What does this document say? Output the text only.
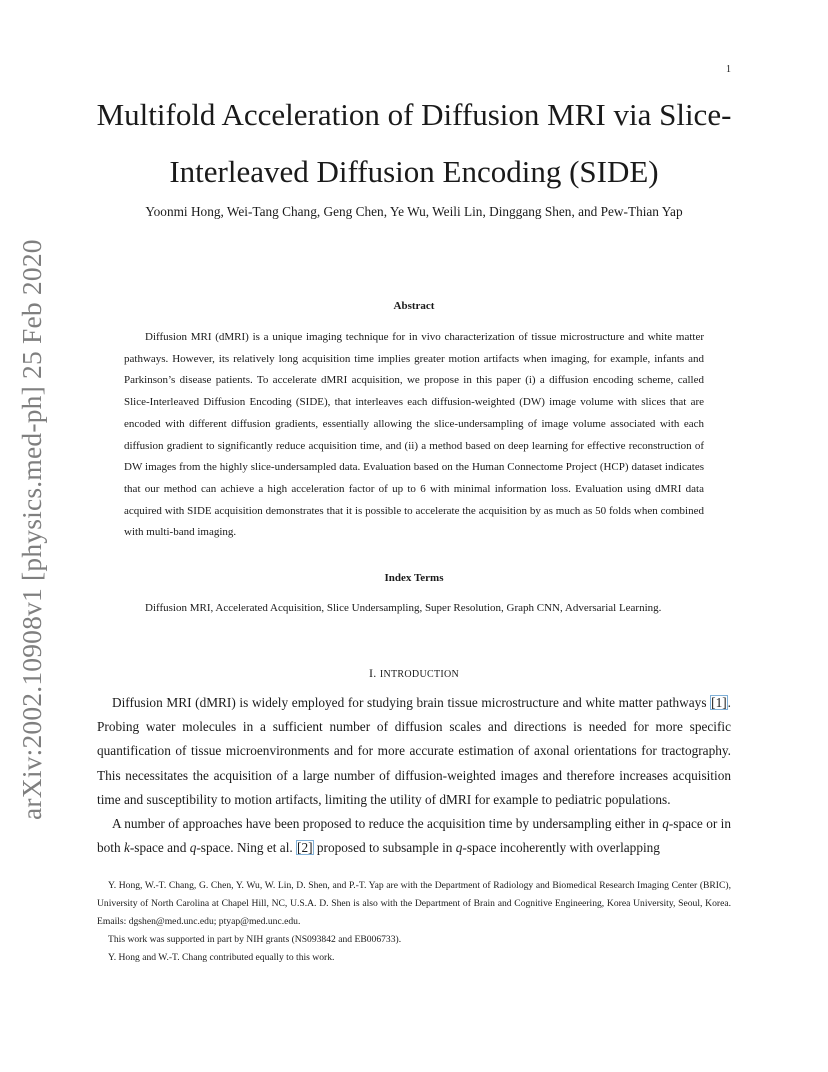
1
arXiv:2002.10908v1 [physics.med-ph] 25 Feb 2020
Multifold Acceleration of Diffusion MRI via Slice-Interleaved Diffusion Encoding (SIDE)
Yoonmi Hong, Wei-Tang Chang, Geng Chen, Ye Wu, Weili Lin, Dinggang Shen, and Pew-Thian Yap
Abstract

Diffusion MRI (dMRI) is a unique imaging technique for in vivo characterization of tissue microstructure and white matter pathways. However, its relatively long acquisition time implies greater motion artifacts when imaging, for example, infants and Parkinson’s disease patients. To accelerate dMRI acquisition, we propose in this paper (i) a diffusion encoding scheme, called Slice-Interleaved Diffusion Encoding (SIDE), that interleaves each diffusion-weighted (DW) image volume with slices that are encoded with different diffusion gradients, essentially allowing the slice-undersampling of image volume associated with each diffusion gradient to significantly reduce acquisition time, and (ii) a method based on deep learning for effective reconstruction of DW images from the highly slice-undersampled data. Evaluation based on the Human Connectome Project (HCP) dataset indicates that our method can achieve a high acceleration factor of up to 6 with minimal information loss. Evaluation using dMRI data acquired with SIDE acquisition demonstrates that it is possible to accelerate the acquisition by as much as 50 folds when combined with multi-band imaging.

Index Terms

Diffusion MRI, Accelerated Acquisition, Slice Undersampling, Super Resolution, Graph CNN, Adversarial Learning.

I. INTRODUCTION

Diffusion MRI (dMRI) is widely employed for studying brain tissue microstructure and white matter pathways [1]. Probing water molecules in a sufficient number of diffusion scales and directions is needed for more specific quantification of tissue microenvironments and for more accurate estimation of axonal orientations for tractography. This necessitates the acquisition of a large number of diffusion-weighted images and therefore increases acquisition time and susceptibility to motion artifacts, limiting the utility of dMRI for example to pediatric populations.

A number of approaches have been proposed to reduce the acquisition time by undersampling either in q-space or in both k-space and q-space. Ning et al. [2] proposed to subsample in q-space incoherently with overlapping

Y. Hong, W.-T. Chang, G. Chen, Y. Wu, W. Lin, D. Shen, and P.-T. Yap are with the Department of Radiology and Biomedical Research Imaging Center (BRIC), University of North Carolina at Chapel Hill, NC, U.S.A. D. Shen is also with the Department of Brain and Cognitive Engineering, Korea University, Seoul, Korea. Emails: dgshen@med.unc.edu; ptyap@med.unc.edu.

This work was supported in part by NIH grants (NS093842 and EB006733).

Y. Hong and W.-T. Chang contributed equally to this work.
